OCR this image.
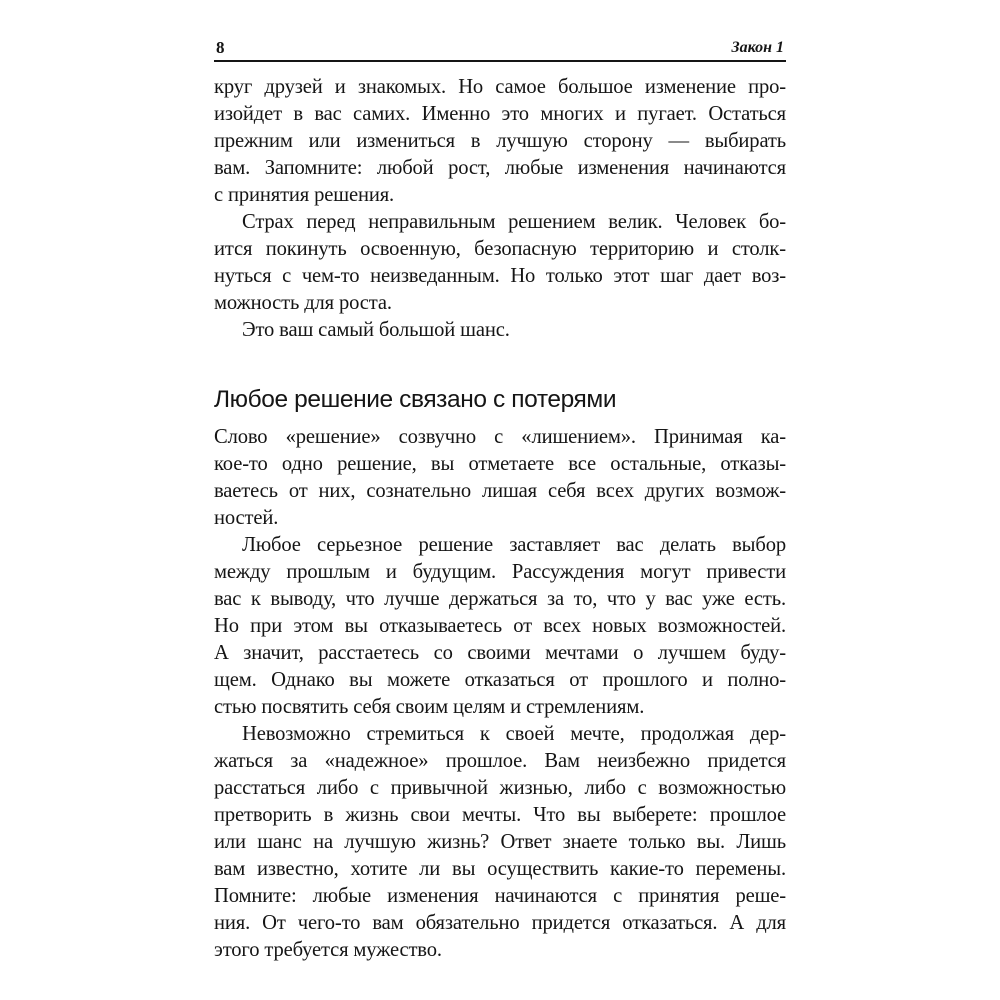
8	Закон 1
круг друзей и знакомых. Но самое большое изменение про-
изойдет в вас самих. Именно это многих и пугает. Остаться
прежним или измениться в лучшую сторону — выбирать
вам. Запомните: любой рост, любые изменения начинаются
с принятия решения.
Страх перед неправильным решением велик. Человек бо-
ится покинуть освоенную, безопасную территорию и столк-
нуться с чем-то неизведанным. Но только этот шаг дает воз-
можность для роста.
Это ваш самый большой шанс.
Любое решение связано с потерями
Слово «решение» созвучно с «лишением». Принимая ка-
кое-то одно решение, вы отметаете все остальные, отказы-
ваетесь от них, сознательно лишая себя всех других возмож-
ностей.
Любое серьезное решение заставляет вас делать выбор
между прошлым и будущим. Рассуждения могут привести
вас к выводу, что лучше держаться за то, что у вас уже есть.
Но при этом вы отказываетесь от всех новых возможностей.
А значит, расстаетесь со своими мечтами о лучшем буду-
щем. Однако вы можете отказаться от прошлого и полно-
стью посвятить себя своим целям и стремлениям.
Невозможно стремиться к своей мечте, продолжая дер-
жаться за «надежное» прошлое. Вам неизбежно придется
расстаться либо с привычной жизнью, либо с возможностью
претворить в жизнь свои мечты. Что вы выберете: прошлое
или шанс на лучшую жизнь? Ответ знаете только вы. Лишь
вам известно, хотите ли вы осуществить какие-то перемены.
Помните: любые изменения начинаются с принятия реше-
ния. От чего-то вам обязательно придется отказаться. А для
этого требуется мужество.
